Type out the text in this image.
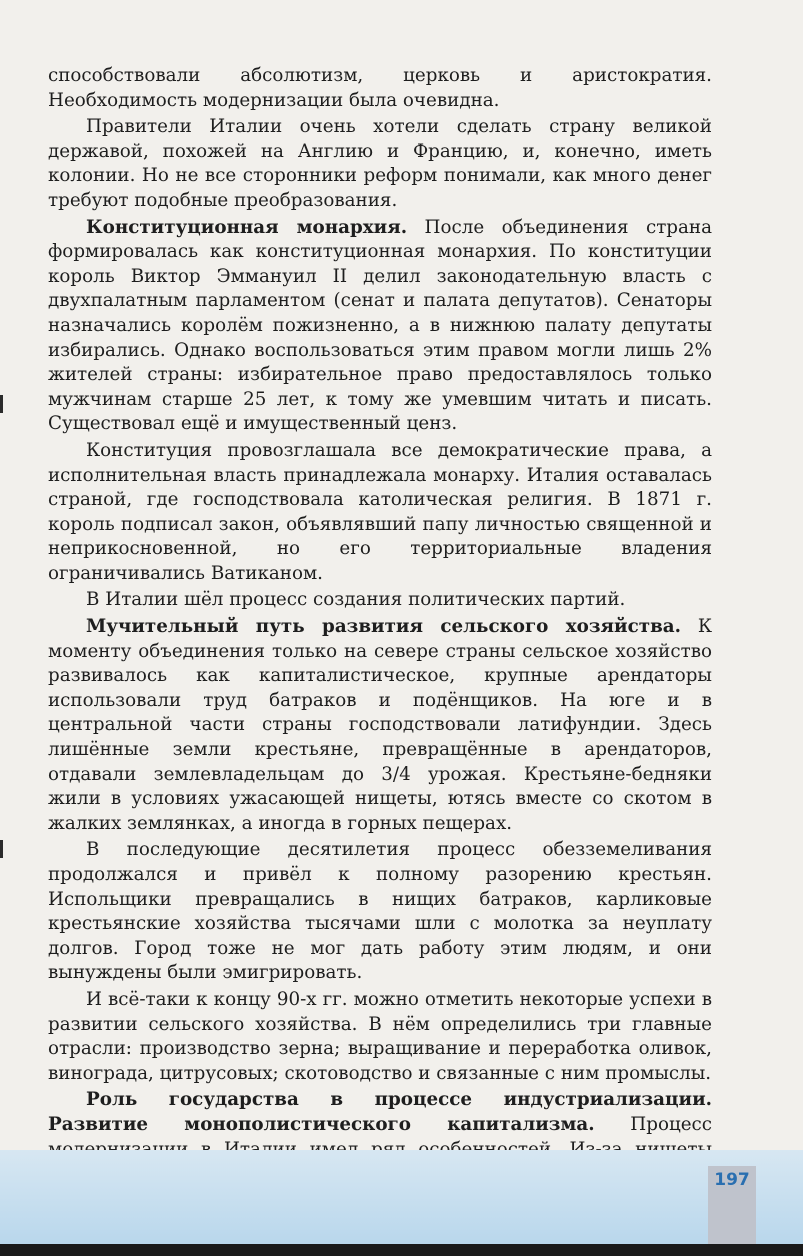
способствовали абсолютизм, церковь и аристократия. Необходимость модернизации была очевидна.

Правители Италии очень хотели сделать страну великой державой, похожей на Англию и Францию, и, конечно, иметь колонии. Но не все сторонники реформ понимали, как много денег требуют подобные преобразования.

Конституционная монархия. После объединения страна формировалась как конституционная монархия. По конституции король Виктор Эммануил II делил законодательную власть с двухпалатным парламентом (сенат и палата депутатов). Сенаторы назначались королём пожизненно, а в нижнюю палату депутаты избирались. Однако воспользоваться этим правом могли лишь 2% жителей страны: избирательное право предоставлялось только мужчинам старше 25 лет, к тому же умевшим читать и писать. Существовал ещё и имущественный ценз.

Конституция провозглашала все демократические права, а исполнительная власть принадлежала монарху. Италия оставалась страной, где господствовала католическая религия. В 1871 г. король подписал закон, объявлявший папу личностью священной и неприкосновенной, но его территориальные владения ограничивались Ватиканом.

В Италии шёл процесс создания политических партий.

Мучительный путь развития сельского хозяйства. К моменту объединения только на севере страны сельское хозяйство развивалось как капиталистическое, крупные арендаторы использовали труд батраков и подёнщиков. На юге и в центральной части страны господствовали латифундии. Здесь лишённые земли крестьяне, превращённые в арендаторов, отдавали землевладельцам до 3/4 урожая. Крестьяне-бедняки жили в условиях ужасающей нищеты, ютясь вместе со скотом в жалких землянках, а иногда в горных пещерах.

В последующие десятилетия процесс обезземеливания продолжался и привёл к полному разорению крестьян. Испольщики превращались в нищих батраков, карликовые крестьянские хозяйства тысячами шли с молотка за неуплату долгов. Город тоже не мог дать работу этим людям, и они вынуждены были эмигрировать.

И всё-таки к концу 90-х гг. можно отметить некоторые успехи в развитии сельского хозяйства. В нём определились три главные отрасли: производство зерна; выращивание и переработка оливок, винограда, цитрусовых; скотоводство и связанные с ним промыслы.

Роль государства в процессе индустриализации. Развитие монополистического капитализма. Процесс

197
